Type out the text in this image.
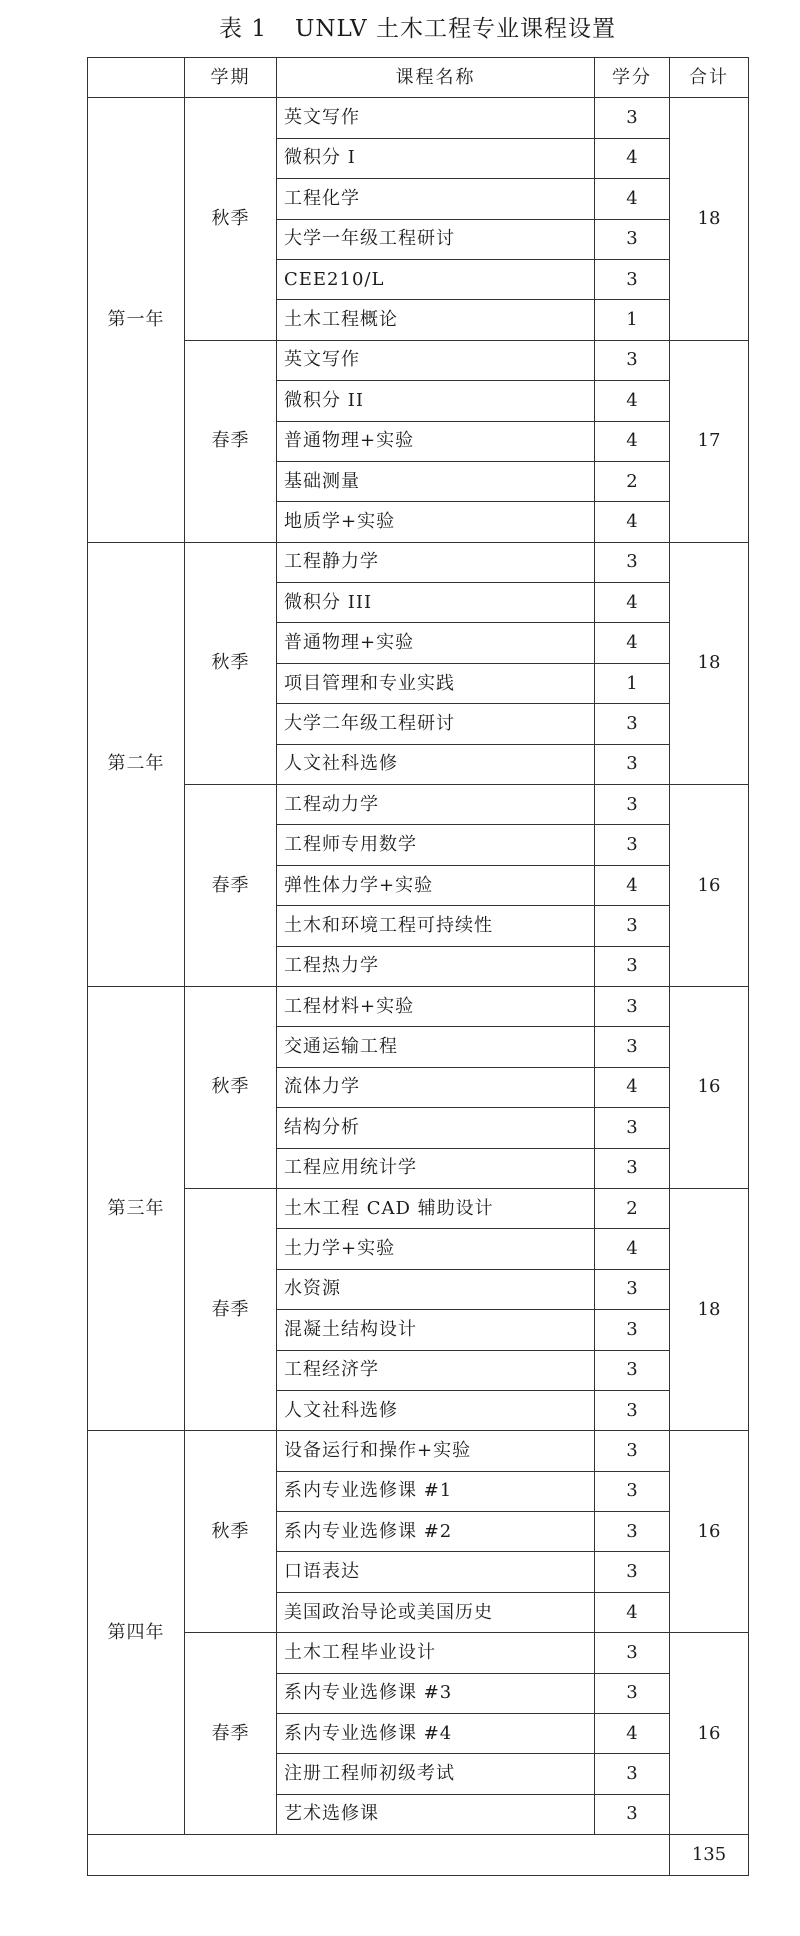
表 1 UNLV 土木工程专业课程设置
	学期	课程名称	学分	合计
第一年	秋季	英文写作	3	18
		微积分 I	4	
		工程化学	4	
		大学一年级工程研讨	3	
		CEE210/L	3	
		土木工程概论	1	
	春季	英文写作	3	17
		微积分 II	4	
		普通物理+实验	4	
		基础测量	2	
		地质学+实验	4	
第二年	秋季	工程静力学	3	18
		微积分 III	4	
		普通物理+实验	4	
		项目管理和专业实践	1	
		大学二年级工程研讨	3	
		人文社科选修	3	
	春季	工程动力学	3	16
		工程师专用数学	3	
		弹性体力学+实验	4	
		土木和环境工程可持续性	3	
		工程热力学	3	
第三年	秋季	工程材料+实验	3	16
		交通运输工程	3	
		流体力学	4	
		结构分析	3	
		工程应用统计学	3	
	春季	土木工程 CAD 辅助设计	2	18
		土力学+实验	4	
		水资源	3	
		混凝土结构设计	3	
		工程经济学	3	
		人文社科选修	3	
第四年	秋季	设备运行和操作+实验	3	16
		系内专业选修课 #1	3	
		系内专业选修课 #2	3	
		口语表达	3	
		美国政治导论或美国历史	4	
	春季	土木工程毕业设计	3	16
		系内专业选修课 #3	3	
		系内专业选修课 #4	4	
		注册工程师初级考试	3	
		艺术选修课	3	
				135
